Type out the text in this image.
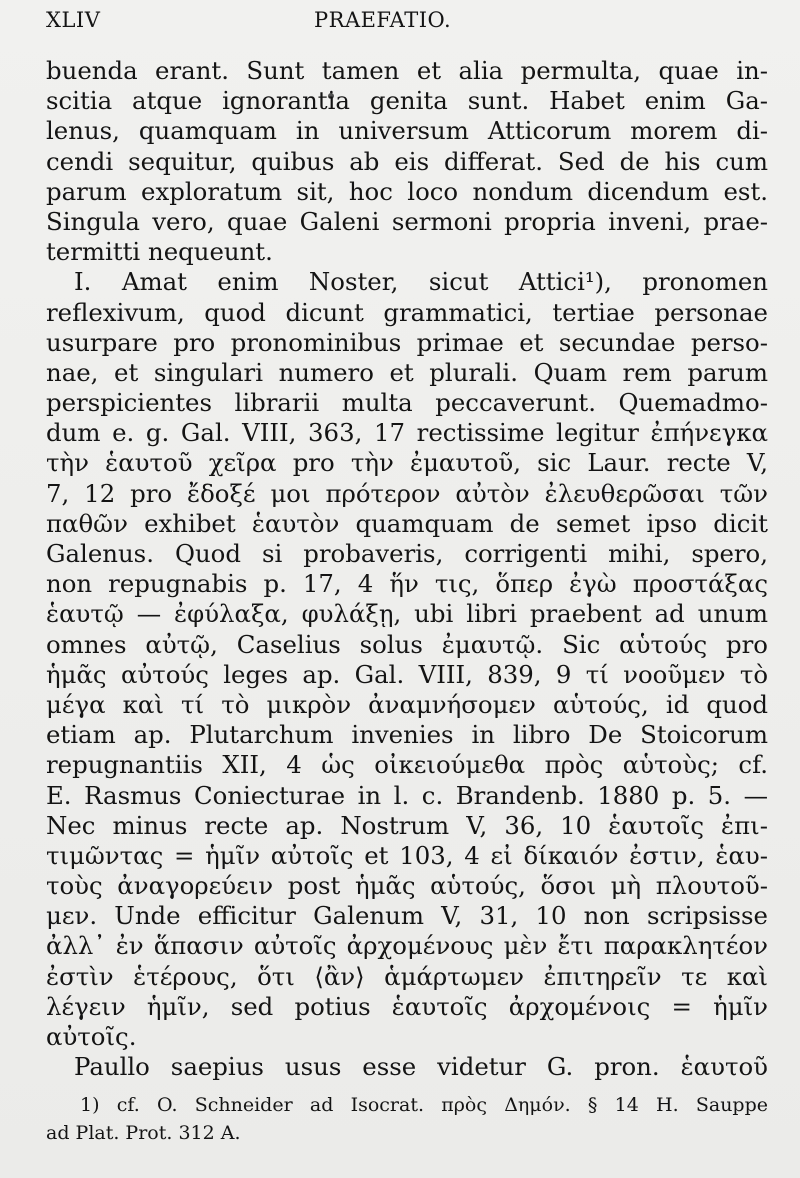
XLIV	PRAEFATIO.
buenda erant. Sunt tamen et alia permulta, quae in-
scitia atque ignorantia genita sunt. Habet enim Ga-
lenus, quamquam in universum Atticorum morem di-
cendi sequitur, quibus ab eis differat. Sed de his cum
parum exploratum sit, hoc loco nondum dicendum est.
Singula vero, quae Galeni sermoni propria inveni, prae-
termitti nequeunt.
I. Amat enim Noster, sicut Attici¹), pronomen
reflexivum, quod dicunt grammatici, tertiae personae
usurpare pro pronominibus primae et secundae perso-
nae, et singulari numero et plurali. Quam rem parum
perspicientes librarii multa peccaverunt. Quemadmo-
dum e. g. Gal. VIII, 363, 17 rectissime legitur ἐπήνεγκα
τὴν ἑαυτοῦ χεῖρα pro τὴν ἐμαυτοῦ, sic Laur. recte V,
7, 12 pro ἔδοξέ μοι πρότερον αὐτὸν ἐλευθερῶσαι τῶν
παθῶν exhibet ἑαυτὸν quamquam de semet ipso dicit
Galenus. Quod si probaveris, corrigenti mihi, spero,
non repugnabis p. 17, 4 ἥν τις, ὅπερ ἐγὼ προστάξας
ἑαυτῷ — ἐφύλαξα, φυλάξῃ, ubi libri praebent ad unum
omnes αὐτῷ, Caselius solus ἐμαυτῷ. Sic αὑτούς pro
ἡμᾶς αὐτούς leges ap. Gal. VIII, 839, 9 τί νοοῦμεν τὸ
μέγα καὶ τί τὸ μικρὸν ἀναμνήσομεν αὑτούς, id quod
etiam ap. Plutarchum invenies in libro De Stoicorum
repugnantiis XII, 4 ὡς οἰκειούμεθα πρὸς αὑτοὺς; cf.
E. Rasmus Coniecturae in l. c. Brandenb. 1880 p. 5. —
Nec minus recte ap. Nostrum V, 36, 10 ἑαυτοῖς ἐπι-
τιμῶντας = ἡμῖν αὐτοῖς et 103, 4 εἰ δίκαιόν ἐστιν, ἑαυ-
τοὺς ἀναγορεύειν post ἡμᾶς αὑτούς, ὅσοι μὴ πλουτοῦ-
μεν. Unde efficitur Galenum V, 31, 10 non scripsisse
ἀλλ᾽ ἐν ἅπασιν αὐτοῖς ἀρχομένους μὲν ἔτι παρακλητέον
ἐστὶν ἑτέρους, ὅτι ⟨ἂν⟩ ἁμάρτωμεν ἐπιτηρεῖν τε καὶ
λέγειν ἡμῖν, sed potius ἑαυτοῖς ἀρχομένοις = ἡμῖν
αὐτοῖς.
Paullo saepius usus esse videtur G. pron. ἑαυτοῦ
1) cf. O. Schneider ad Isocrat. πρὸς Δημόν. § 14 H. Sauppe
ad Plat. Prot. 312 A.
